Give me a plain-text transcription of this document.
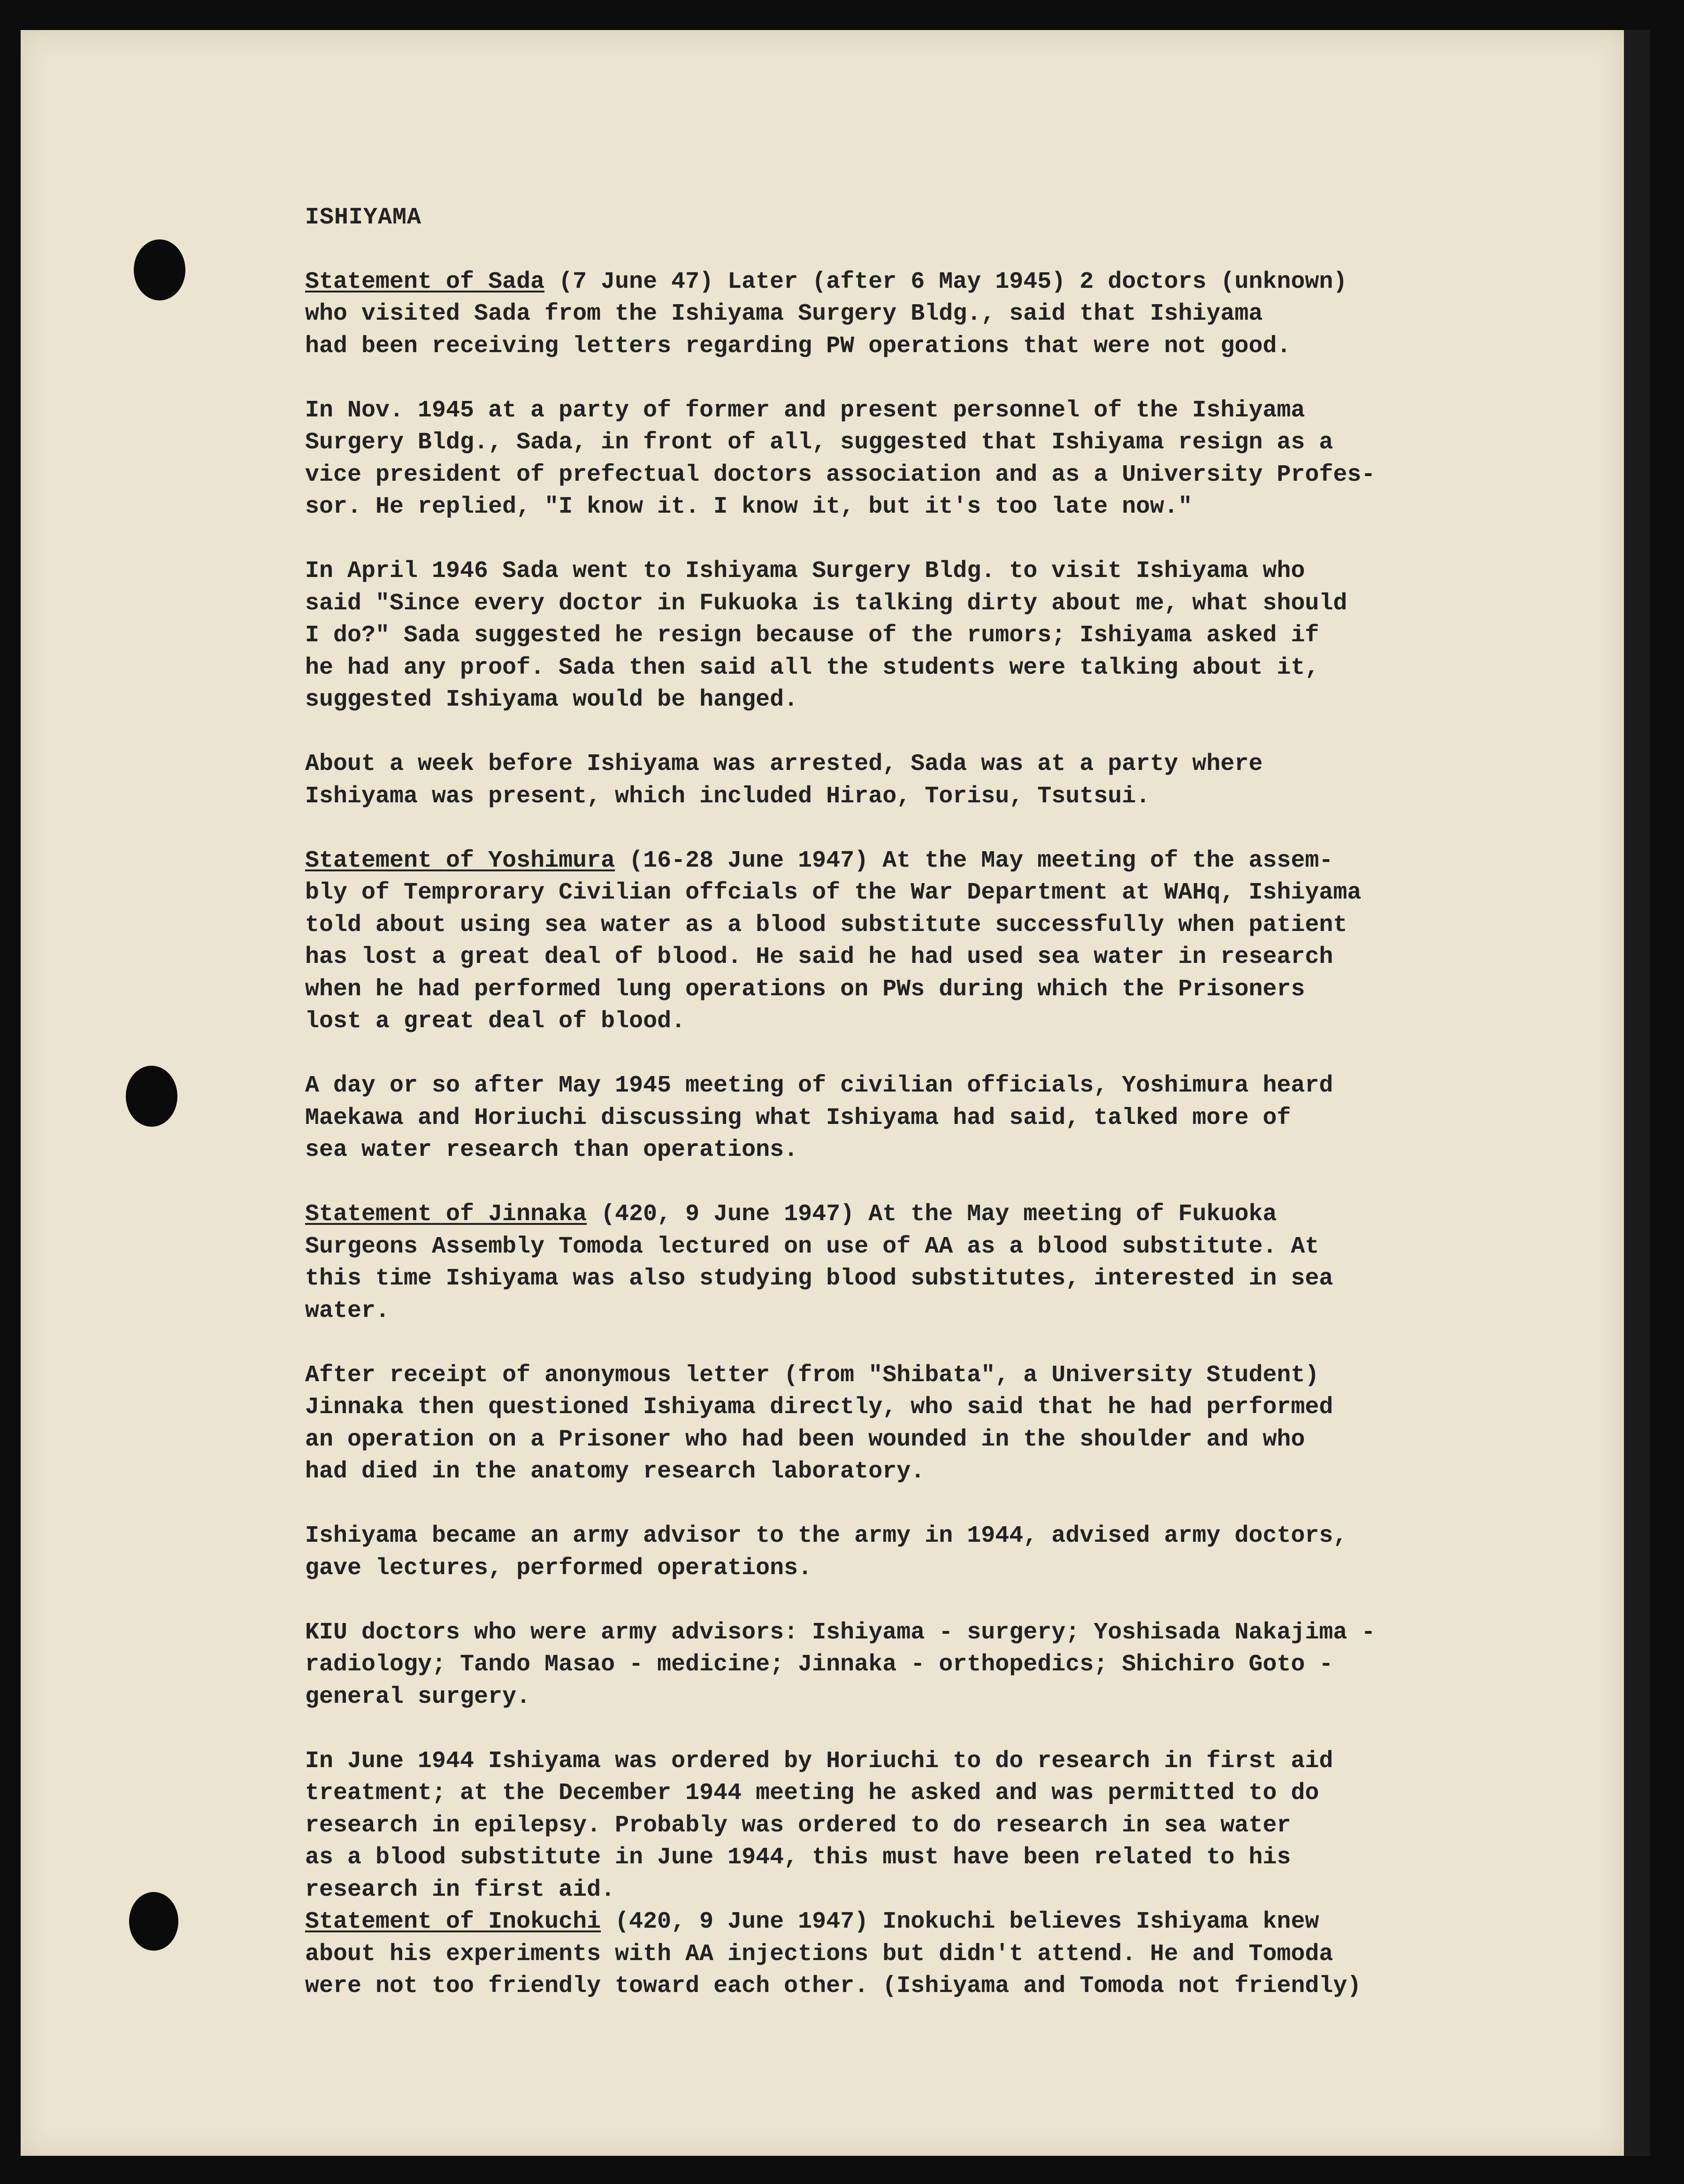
ISHIYAMA

Statement of Sada (7 June 47) Later (after 6 May 1945) 2 doctors (unknown)
who visited Sada from the Ishiyama Surgery Bldg., said that Ishiyama
had been receiving letters regarding PW operations that were not good.

In Nov. 1945 at a party of former and present personnel of the Ishiyama
Surgery Bldg., Sada, in front of all, suggested that Ishiyama resign as a
vice president of prefectual doctors association and as a University Profes-
sor. He replied, "I know it. I know it, but it's too late now."

In April 1946 Sada went to Ishiyama Surgery Bldg. to visit Ishiyama who
said "Since every doctor in Fukuoka is talking dirty about me, what should
I do?" Sada suggested he resign because of the rumors; Ishiyama asked if
he had any proof. Sada then said all the students were talking about it,
suggested Ishiyama would be hanged.

About a week before Ishiyama was arrested, Sada was at a party where
Ishiyama was present, which included Hirao, Torisu, Tsutsui.

Statement of Yoshimura (16-28 June 1947) At the May meeting of the assem-
bly of Temprorary Civilian offcials of the War Department at WAHq, Ishiyama
told about using sea water as a blood substitute successfully when patient
has lost a great deal of blood. He said he had used sea water in research
when he had performed lung operations on PWs during which the Prisoners
lost a great deal of blood.

A day or so after May 1945 meeting of civilian officials, Yoshimura heard
Maekawa and Horiuchi discussing what Ishiyama had said, talked more of
sea water research than operations.

Statement of Jinnaka (420, 9 June 1947) At the May meeting of Fukuoka
Surgeons Assembly Tomoda lectured on use of AA as a blood substitute. At
this time Ishiyama was also studying blood substitutes, interested in sea
water.

After receipt of anonymous letter (from "Shibata", a University Student)
Jinnaka then questioned Ishiyama directly, who said that he had performed
an operation on a Prisoner who had been wounded in the shoulder and who
had died in the anatomy research laboratory.

Ishiyama became an army advisor to the army in 1944, advised army doctors,
gave lectures, performed operations.

KIU doctors who were army advisors: Ishiyama - surgery; Yoshisada Nakajima -
radiology; Tando Masao - medicine; Jinnaka - orthopedics; Shichiro Goto -
general surgery.

In June 1944 Ishiyama was ordered by Horiuchi to do research in first aid
treatment; at the December 1944 meeting he asked and was permitted to do
research in epilepsy. Probably was ordered to do research in sea water
as a blood substitute in June 1944, this must have been related to his
research in first aid.

Statement of Inokuchi (420, 9 June 1947) Inokuchi believes Ishiyama knew
about his experiments with AA injections but didn't attend. He and Tomoda
were not too friendly toward each other. (Ishiyama and Tomoda not friendly)
